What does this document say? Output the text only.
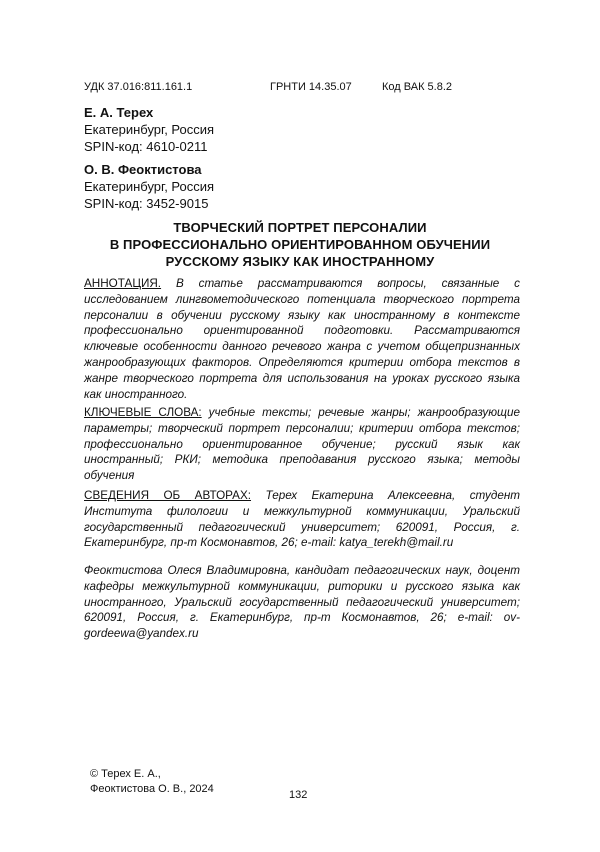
УДК 37.016:811.161.1	ГРНТИ 14.35.07	Код ВАК 5.8.2
Е. А. Терех
Екатеринбург, Россия
SPIN-код: 4610-0211
О. В. Феоктистова
Екатеринбург, Россия
SPIN-код: 3452-9015
ТВОРЧЕСКИЙ ПОРТРЕТ ПЕРСОНАЛИИ
В ПРОФЕССИОНАЛЬНО ОРИЕНТИРОВАННОМ ОБУЧЕНИИ
РУССКОМУ ЯЗЫКУ КАК ИНОСТРАННОМУ
АННОТАЦИЯ. В статье рассматриваются вопросы, связанные с исследованием лингвометодического потенциала творческого портрета персоналии в обучении русскому языку как иностранному в контексте профессионально ориентированной подготовки. Рассматриваются ключевые особенности данного речевого жанра с учетом общепризнанных жанрообразующих факторов. Определяются критерии отбора текстов в жанре творческого портрета для использования на уроках русского языка как иностранного.
КЛЮЧЕВЫЕ СЛОВА: учебные тексты; речевые жанры; жанрообразующие параметры; творческий портрет персоналии; критерии отбора текстов; профессионально ориентированное обучение; русский язык как иностранный; РКИ; методика преподавания русского языка; методы обучения
СВЕДЕНИЯ ОБ АВТОРАХ: Терех Екатерина Алексеевна, студент Института филологии и межкультурной коммуникации, Уральский государственный педагогический университет; 620091, Россия, г. Екатеринбург, пр-т Космонавтов, 26; e-mail: katya_terekh@mail.ru
Феоктистова Олеся Владимировна, кандидат педагогических наук, доцент кафедры межкультурной коммуникации, риторики и русского языка как иностранного, Уральский государственный педагогический университет; 620091, Россия, г. Екатеринбург, пр-т Космонавтов, 26; e-mail: ov-gordeewa@yandex.ru
© Терех Е. А.,
Феоктистова О. В., 2024	132
